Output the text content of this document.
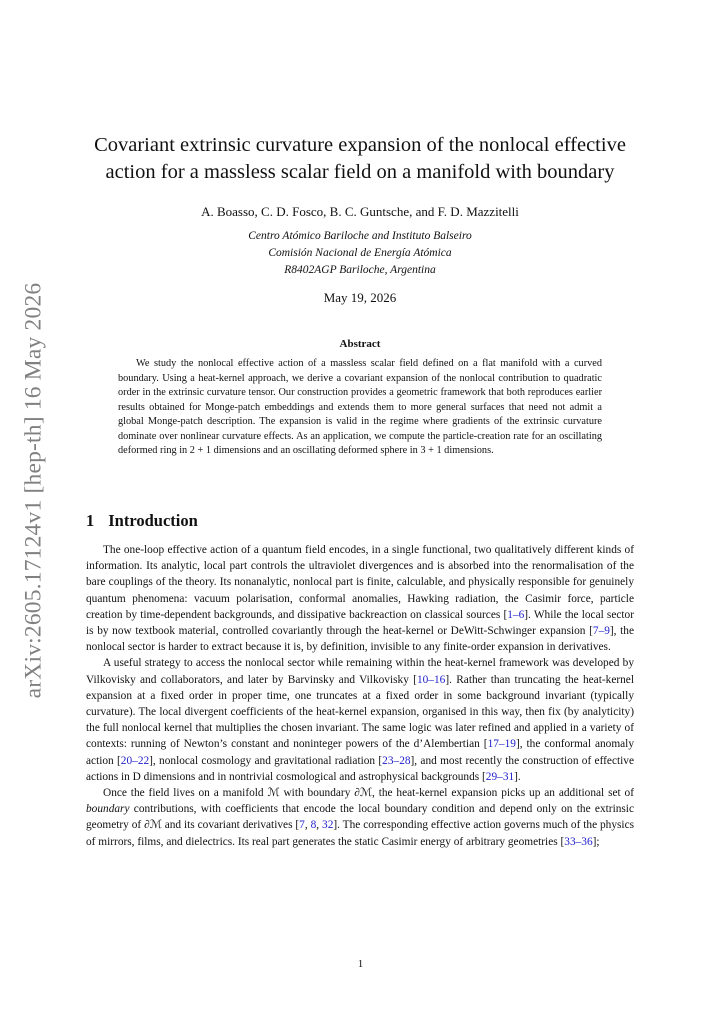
arXiv:2605.17124v1 [hep-th] 16 May 2026
Covariant extrinsic curvature expansion of the nonlocal effective action for a massless scalar field on a manifold with boundary
A. Boasso, C. D. Fosco, B. C. Guntsche, and F. D. Mazzitelli
Centro Atómico Bariloche and Instituto Balseiro
Comisión Nacional de Energía Atómica
R8402AGP Bariloche, Argentina
May 19, 2026
Abstract

We study the nonlocal effective action of a massless scalar field defined on a flat manifold with a curved boundary. Using a heat-kernel approach, we derive a covariant expansion of the nonlocal contribution to quadratic order in the extrinsic curvature tensor. Our construction provides a geometric framework that both reproduces earlier results obtained for Monge-patch embeddings and extends them to more general surfaces that need not admit a global Monge-patch description. The expansion is valid in the regime where gradients of the extrinsic curvature dominate over nonlinear curvature effects. As an application, we compute the particle-creation rate for an oscillating deformed ring in 2 + 1 dimensions and an oscillating deformed sphere in 3 + 1 dimensions.

1 Introduction

The one-loop effective action of a quantum field encodes, in a single functional, two qualitatively different kinds of information. Its analytic, local part controls the ultraviolet divergences and is absorbed into the renormalisation of the bare couplings of the theory. Its nonanalytic, nonlocal part is finite, calculable, and physically responsible for genuinely quantum phenomena: vacuum polarisation, conformal anomalies, Hawking radiation, the Casimir force, particle creation by time-dependent backgrounds, and dissipative backreaction on classical sources [1–6]. While the local sector is by now textbook material, controlled covariantly through the heat-kernel or DeWitt-Schwinger expansion [7–9], the nonlocal sector is harder to extract because it is, by definition, invisible to any finite-order expansion in derivatives.

A useful strategy to access the nonlocal sector while remaining within the heat-kernel framework was developed by Vilkovisky and collaborators, and later by Barvinsky and Vilkovisky [10–16]. Rather than truncating the heat-kernel expansion at a fixed order in proper time, one truncates at a fixed order in some background invariant (typically curvature). The local divergent coefficients of the heat-kernel expansion, organised in this way, then fix (by analyticity) the full nonlocal kernel that multiplies the chosen invariant. The same logic was later refined and applied in a variety of contexts: running of Newton’s constant and noninteger powers of the d’Alembertian [17–19], the conformal anomaly action [20–22], nonlocal cosmology and gravitational radiation [23–28], and most recently the construction of effective actions in D dimensions and in nontrivial cosmological and astrophysical backgrounds [29–31].

Once the field lives on a manifold ℳ with boundary ∂ℳ, the heat-kernel expansion picks up an additional set of boundary contributions, with coefficients that encode the local boundary condition and depend only on the extrinsic geometry of ∂ℳ and its covariant derivatives [7, 8, 32]. The corresponding effective action governs much of the physics of mirrors, films, and dielectrics. Its real part generates the static Casimir energy of arbitrary geometries [33–36];

1
